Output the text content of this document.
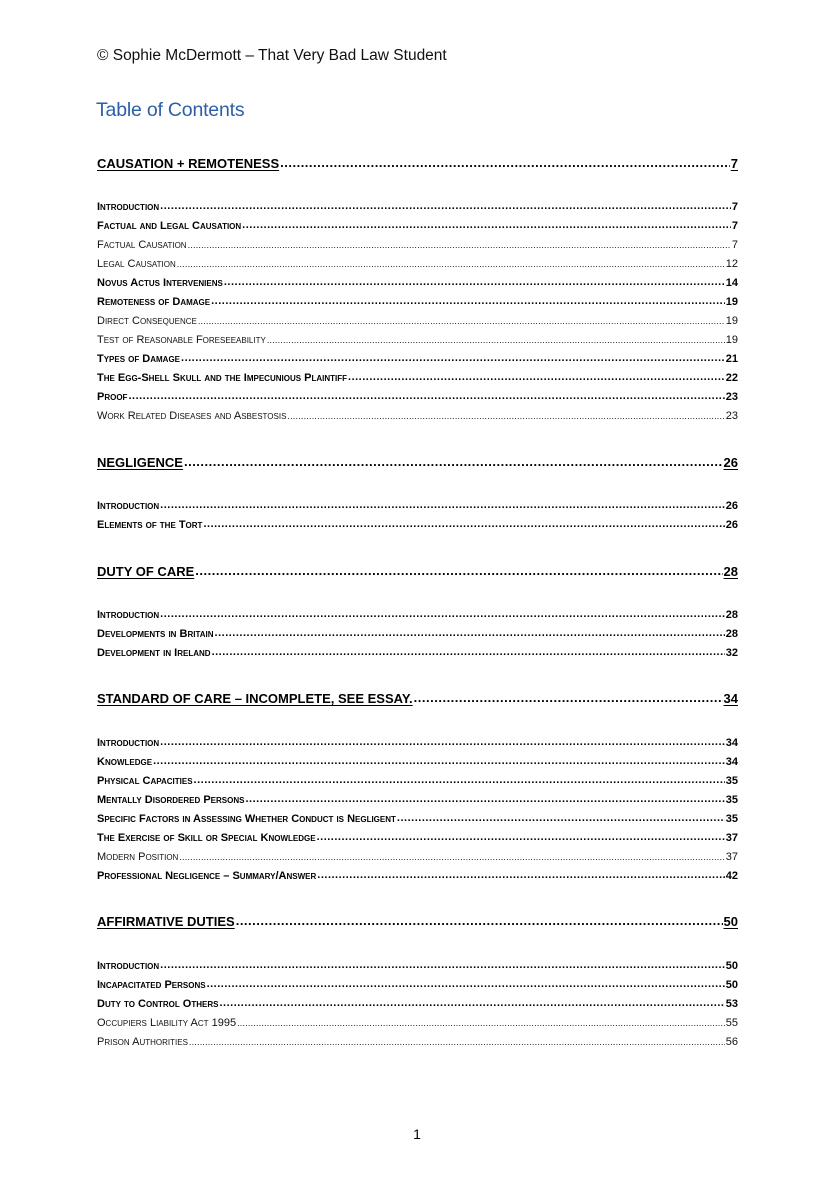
© Sophie McDermott – That Very Bad Law Student
Table of Contents
CAUSATION + REMOTENESS .....	7
Introduction .....	7
Factual and Legal Causation .....	7
Factual Causation .....	7
Legal Causation .....	12
Novus Actus Interveniens .....	14
Remoteness of Damage .....	19
Direct Consequence .....	19
Test of Reasonable Foreseeability .....	19
Types of Damage .....	21
The Egg-Shell Skull and the Impecunious Plaintiff .....	22
Proof .....	23
Work Related Diseases and Asbestosis .....	23
NEGLIGENCE .....	26
Introduction .....	26
Elements of the Tort .....	26
DUTY OF CARE .....	28
Introduction .....	28
Developments in Britain .....	28
Development in Ireland .....	32
STANDARD OF CARE – INCOMPLETE, SEE ESSAY. .....	34
Introduction .....	34
Knowledge .....	34
Physical Capacities .....	35
Mentally Disordered Persons .....	35
Specific Factors in Assessing Whether Conduct is Negligent .....	35
The Exercise of Skill or Special Knowledge .....	37
Modern Position .....	37
Professional Negligence – Summary/Answer .....	42
AFFIRMATIVE DUTIES .....	50
Introduction .....	50
Incapacitated Persons .....	50
Duty to Control Others .....	53
Occupiers Liability Act 1995 .....	55
Prison Authorities .....	56
1
